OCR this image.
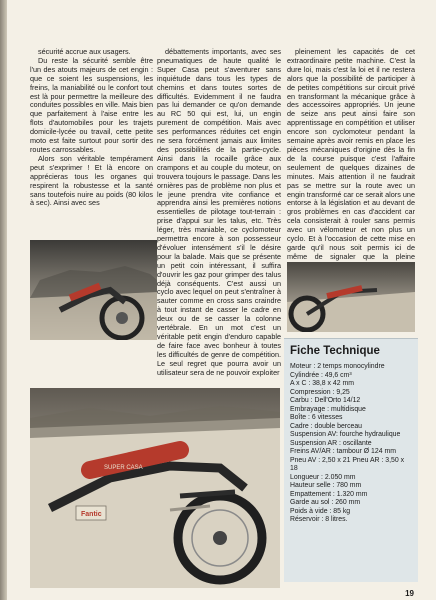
sécurité accrue aux usagers.

Du reste la sécurité semble être l'un des atouts majeurs de cet engin : que ce soient les suspensions, les freins, la maniabilité ou le confort tout est là pour permettre la meilleure des conduites possibles en ville. Mais bien que parfaitement à l'aise entre les flots d'automobiles pour les trajets domicile-lycée ou travail, cette petite moto est faite surtout pour sortir des routes carrossables.

Alors son véritable tempérament peut s'exprimer ! Et là encore on apprécieras tous les organes qui respirent la robustesse et la santé sans toutefois nuire au poids (80 kilos à sec). Ainsi avec ses

débattements importants, avec ses pneumatiques de haute qualité le Super Casa peut s'aventurer sans inquiétude dans tous les types de chemins et dans toutes sortes de difficultés. Evidemment il ne faudra pas lui demander ce qu'on demande au RC 50 qui est, lui, un engin purement de compétition. Mais avec ses performances réduites cet engin ne sera forcément jamais aux limites des possibilités de la partie-cycle. Ainsi dans la rocaille grâce aux crampons et au couple du moteur, on trouvera toujours le passage. Dans les ornières pas de problème non plus et le jeune prendra vite confiance et apprendra ainsi les premières notions essentielles de pilotage tout-terrain : prise d'appui sur les talus, etc. Très léger, très maniable, ce cyclomoteur permettra encore à son possesseur d'évoluer intensément s'il le désire pour la balade. Mais que se présente un petit coin intéressant, il suffira d'ouvrir les gaz pour grimper des talus déjà conséquents. C'est aussi un cyclo avec lequel on peut s'entraîner à sauter comme en cross sans craindre à tout instant de casser le cadre en deux ou de se casser la colonne vertébrale. En un mot c'est un véritable petit engin d'enduro capable de faire face avec bonheur à toutes les difficultés de genre de compétition. Le seul regret que pourra avoir un utilisateur sera de ne pouvoir exploiter

pleinement les capacités de cet extraordinaire petite machine. C'est la dure loi, mais c'est la loi et il ne restera alors que la possibilité de participer à de petites compétitions sur circuit privé en transformant la mécanique grâce à des accessoires appropriés. Un jeune de seize ans peut ainsi faire son apprentissage en compétition et utiliser encore son cyclomoteur pendant la semaine après avoir remis en place les pièces mécaniques d'origine dès la fin de la course puisque c'est l'affaire seulement de quelques dizaines de minutes. Mais attention il ne faudrait pas se mettre sur la route avec un engin transformé car ce serait alors une entorse à la législation et au devant de gros problèmes en cas d'accident car cela consisterait à rouler sans permis avec un vélomoteur et non plus un cyclo. Et à l'occasion de cette mise en garde qu'il nous soit permis ici de même de signaler que la pleine

SUPER CASA
Fantic
Fiche Technique
Moteur : 2 temps monocylindre
Cylindrée : 49,6 cm³
A x C : 38,8 x 42 mm
Compression : 9,25
Carbu : Dell'Orto 14/12
Embrayage : multidisque
Boîte : 6 vitesses
Cadre : double berceau
Suspension AV: fourche hydraulique
Suspension AR : oscillante
Freins AV/AR : tambour Ø 124 mm
Pneu AV : 2,50 x 21 Pneu AR : 3,50 x 18
Longueur : 2.050 mm
Hauteur selle : 780 mm
Empattement : 1.320 mm
Garde au sol : 260 mm
Poids à vide : 85 kg
Réservoir : 8 litres.
19
